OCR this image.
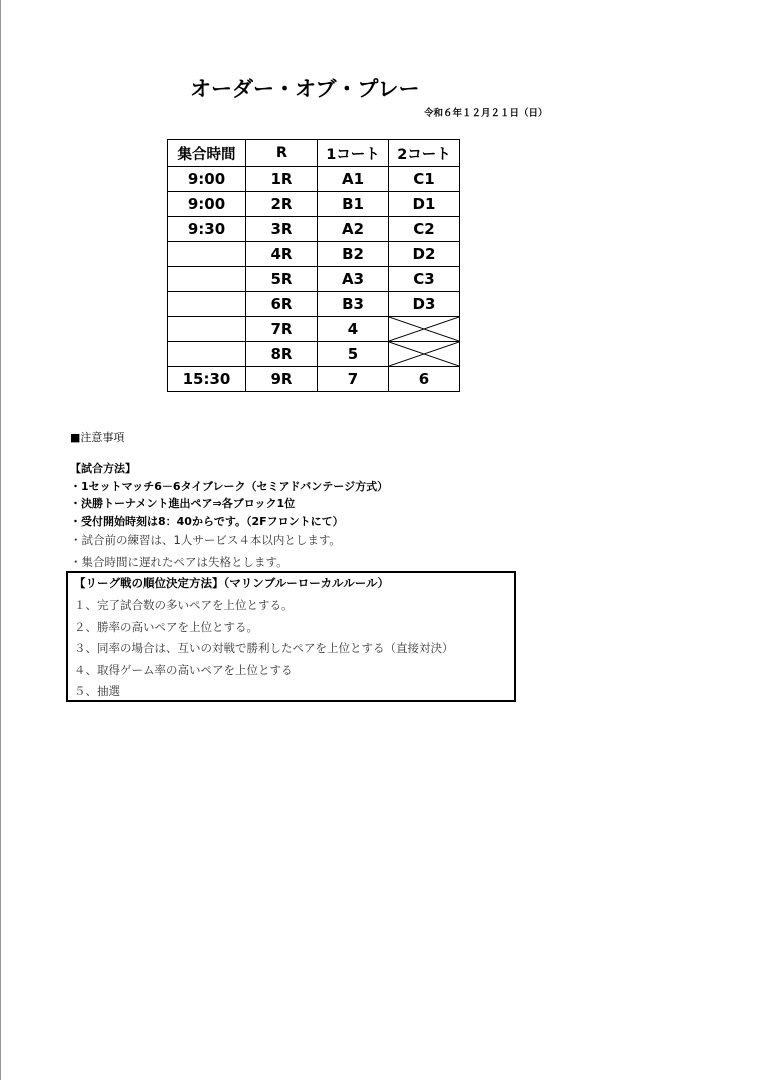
オーダー・オブ・プレー
令和６年１２月２１日（日）
集合時間	R	1コート	2コート
9:00	1R	A1	C1
9:00	2R	B1	D1
9:30	3R	A2	C2
	4R	B2	D2
	5R	A3	C3
	6R	B3	D3
	7R	4	

	8R	5	

15:30	9R	7	6
■注意事項
【試合方法】
・1セットマッチ6－6タイブレーク（セミアドバンテージ方式）
・決勝トーナメント進出ペア⇒各ブロック1位
・受付開始時刻は8：40からです。（2Fフロントにて）
・試合前の練習は、1人サービス４本以内とします。
・集合時間に遅れたペアは失格とします。
【リーグ戦の順位決定方法】（マリンブルーローカルルール）
１、完了試合数の多いペアを上位とする。
２、勝率の高いペアを上位とする。
３、同率の場合は、互いの対戦で勝利したペアを上位とする（直接対決）
４、取得ゲーム率の高いペアを上位とする
５、抽選
